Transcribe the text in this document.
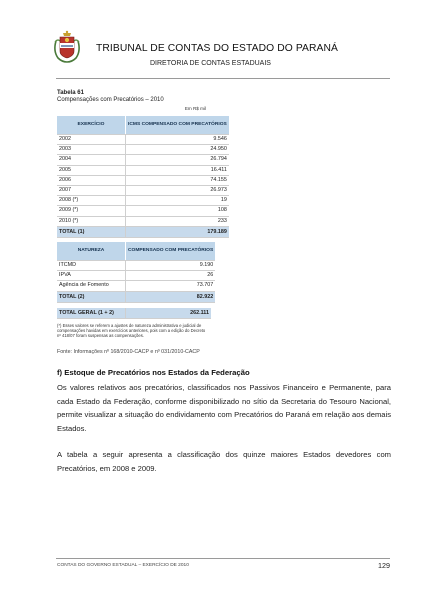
TRIBUNAL DE CONTAS DO ESTADO DO PARANÁ
DIRETORIA DE CONTAS ESTADUAIS
Tabela 61
Compensações com Precatórios – 2010
Em R$ mil
EXERCÍCIO	ICMS COMPENSADO COM PRECATÓRIOS
2002	9.546
2003	24.950
2004	26.794
2005	16.411
2006	74.155
2007	26.973
2008 (*)	19
2009 (*)	108
2010 (*)	233
TOTAL (1)	179.189
NATUREZA	COMPENSADO COM PRECATÓRIOS
ITCMD	9.190
IPVA	26
Agência de Fomento	73.707
TOTAL (2)	82.922
TOTAL GERAL (1 + 2)	262.111
(*) Esses valores se referem a ajustes de natureza administrativa e judicial de compensações havidas em exercícios anteriores, pois com a edição do Decreto nº 418/07 foram suspensas as compensações.
Fonte: Informações nº 168/2010-CACP e nº 031/2010-CACP
f) Estoque de Precatórios nos Estados da Federação
Os valores relativos aos precatórios, classificados nos Passivos Financeiro e Permanente, para cada Estado da Federação, conforme disponibilizado no sítio da Secretaria do Tesouro Nacional, permite visualizar a situação do endividamento com Precatórios do Paraná em relação aos demais Estados.
A tabela a seguir apresenta a classificação dos quinze maiores Estados devedores com Precatórios, em 2008 e 2009.
CONTAS DO GOVERNO ESTADUAL – EXERCÍCIO DE 2010	129
